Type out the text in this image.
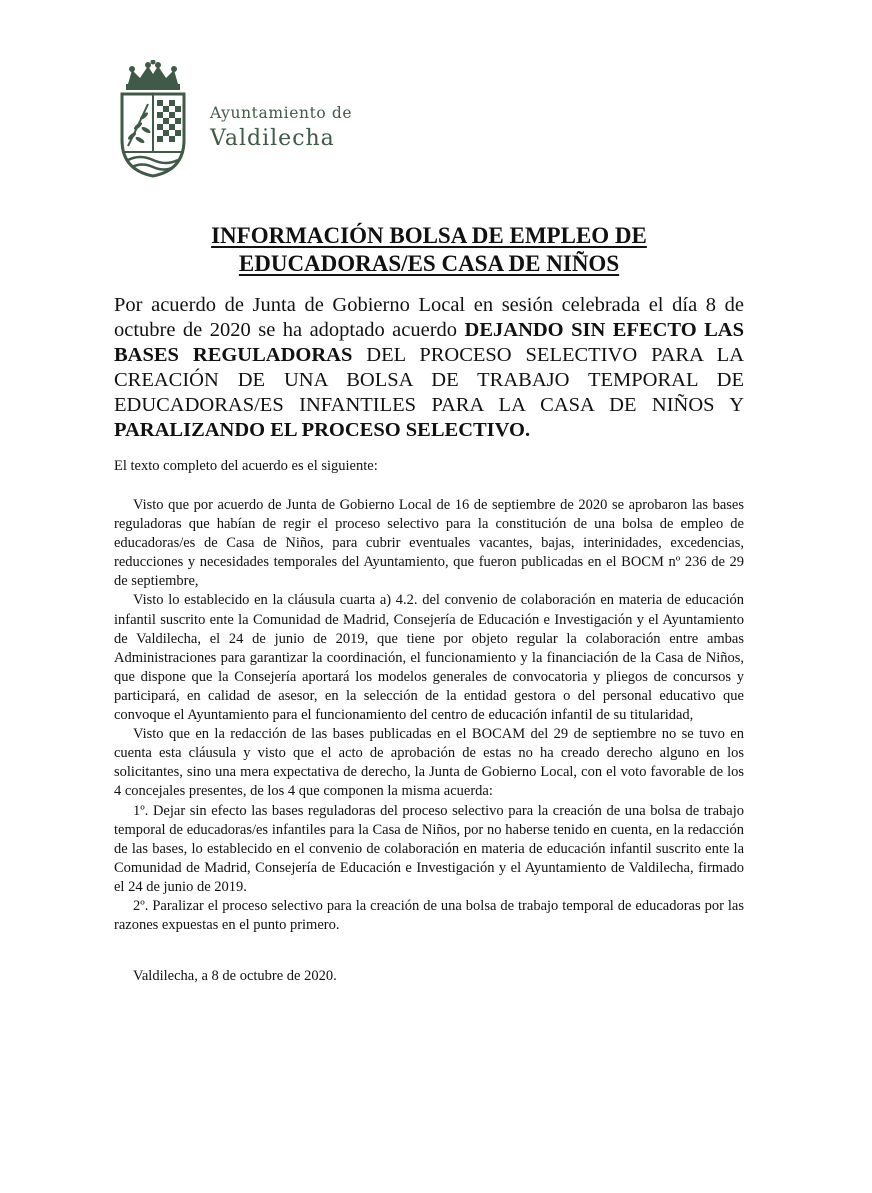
Ayuntamiento de
Valdilecha
INFORMACIÓN BOLSA DE EMPLEO DE
EDUCADORAS/ES CASA DE NIÑOS

Por acuerdo de Junta de Gobierno Local en sesión celebrada el día 8 de octubre de 2020 se ha adoptado acuerdo DEJANDO SIN EFECTO LAS BASES REGULADORAS DEL PROCESO SELECTIVO PARA LA CREACIÓN DE UNA BOLSA DE TRABAJO TEMPORAL DE EDUCADORAS/ES INFANTILES PARA LA CASA DE NIÑOS Y PARALIZANDO EL PROCESO SELECTIVO.

El texto completo del acuerdo es el siguiente:

Visto que por acuerdo de Junta de Gobierno Local de 16 de septiembre de 2020 se aprobaron las bases reguladoras que habían de regir el proceso selectivo para la constitución de una bolsa de empleo de educadoras/es de Casa de Niños, para cubrir eventuales vacantes, bajas, interinidades, excedencias, reducciones y necesidades temporales del Ayuntamiento, que fueron publicadas en el BOCM nº 236 de 29 de septiembre,

Visto lo establecido en la cláusula cuarta a) 4.2. del convenio de colaboración en materia de educación infantil suscrito ente la Comunidad de Madrid, Consejería de Educación e Investigación y el Ayuntamiento de Valdilecha, el 24 de junio de 2019, que tiene por objeto regular la colaboración entre ambas Administraciones para garantizar la coordinación, el funcionamiento y la financiación de la Casa de Niños, que dispone que la Consejería aportará los modelos generales de convocatoria y pliegos de concursos y participará, en calidad de asesor, en la selección de la entidad gestora o del personal educativo que convoque el Ayuntamiento para el funcionamiento del centro de educación infantil de su titularidad,

Visto que en la redacción de las bases publicadas en el BOCAM del 29 de septiembre no se tuvo en cuenta esta cláusula y visto que el acto de aprobación de estas no ha creado derecho alguno en los solicitantes, sino una mera expectativa de derecho, la Junta de Gobierno Local, con el voto favorable de los 4 concejales presentes, de los 4 que componen la misma acuerda:

1º. Dejar sin efecto las bases reguladoras del proceso selectivo para la creación de una bolsa de trabajo temporal de educadoras/es infantiles para la Casa de Niños, por no haberse tenido en cuenta, en la redacción de las bases, lo establecido en el convenio de colaboración en materia de educación infantil suscrito ente la Comunidad de Madrid, Consejería de Educación e Investigación y el Ayuntamiento de Valdilecha, firmado el 24 de junio de 2019.

2º. Paralizar el proceso selectivo para la creación de una bolsa de trabajo temporal de educadoras por las razones expuestas en el punto primero.

Valdilecha, a 8 de octubre de 2020.
